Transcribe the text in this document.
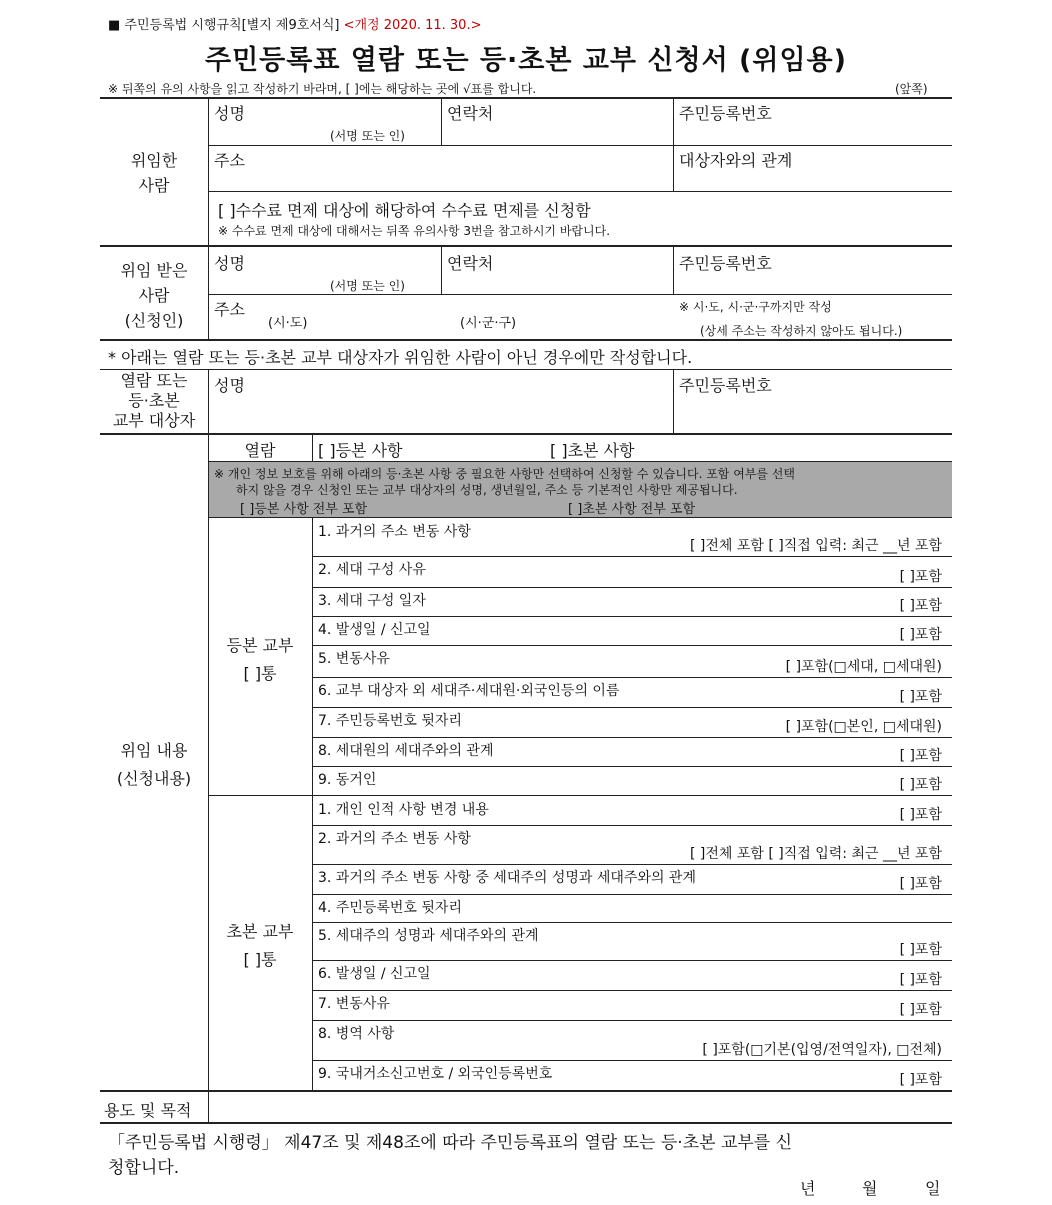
■ 주민등록법 시행규칙[별지 제9호서식] <개정 2020. 11. 30.>
주민등록표 열람 또는 등·초본 교부 신청서 (위임용)
※ 뒤쪽의 유의 사항을 읽고 작성하기 바라며, [ ]에는 해당하는 곳에 √표를 합니다.	(앞쪽)
위임한
사람
성명
(서명 또는 인)
연락처	주민등록번호
주소	대상자와의 관계
[ ]수수료 면제 대상에 해당하여 수수료 면제를 신청함
※ 수수료 면제 대상에 대해서는 뒤쪽 유의사항 3번을 참고하시기 바랍니다.
위임 받은
사람
(신청인)
성명
(서명 또는 인)
연락처	주민등록번호
주소
(시·도)	(시·군·구)
※ 시·도, 시·군·구까지만 작성
(상세 주소는 작성하지 않아도 됩니다.)
* 아래는 열람 또는 등·초본 교부 대상자가 위임한 사람이 아닌 경우에만 작성합니다.
열람 또는
등·초본
교부 대상자
성명	주민등록번호
위임 내용
(신청내용)
열람	[ ]등본 사항	[ ]초본 사항
※ 개인 정보 보호를 위해 아래의 등·초본 사항 중 필요한 사항만 선택하여 신청할 수 있습니다. 포함 여부를 선택
하지 않을 경우 신청인 또는 교부 대상자의 성명, 생년월일, 주소 등 기본적인 사항만 제공됩니다.
[ ]등본 사항 전부 포함	[ ]초본 사항 전부 포함
등본 교부
[ ]통
1. 과거의 주소 변동 사항
[ ]전체 포함 [ ]직접 입력: 최근 __년 포함
2. 세대 구성 사유	[ ]포함
3. 세대 구성 일자	[ ]포함
4. 발생일 / 신고일	[ ]포함
5. 변동사유	[ ]포함(□세대, □세대원)
6. 교부 대상자 외 세대주·세대원·외국인등의 이름	[ ]포함
7. 주민등록번호 뒷자리	[ ]포함(□본인, □세대원)
8. 세대원의 세대주와의 관계	[ ]포함
9. 동거인	[ ]포함
초본 교부
[ ]통
1. 개인 인적 사항 변경 내용	[ ]포함
2. 과거의 주소 변동 사항
[ ]전체 포함 [ ]직접 입력: 최근 __년 포함
3. 과거의 주소 변동 사항 중 세대주의 성명과 세대주와의 관계	[ ]포함
4. 주민등록번호 뒷자리
5. 세대주의 성명과 세대주와의 관계
[ ]포함
6. 발생일 / 신고일	[ ]포함
7. 변동사유	[ ]포함
8. 병역 사항
[ ]포함(□기본(입영/전역일자), □전체)
9. 국내거소신고번호 / 외국인등록번호	[ ]포함
용도 및 목적
「주민등록법 시행령」 제47조 및 제48조에 따라 주민등록표의 열람 또는 등·초본 교부를 신
청합니다.
년	월	일
